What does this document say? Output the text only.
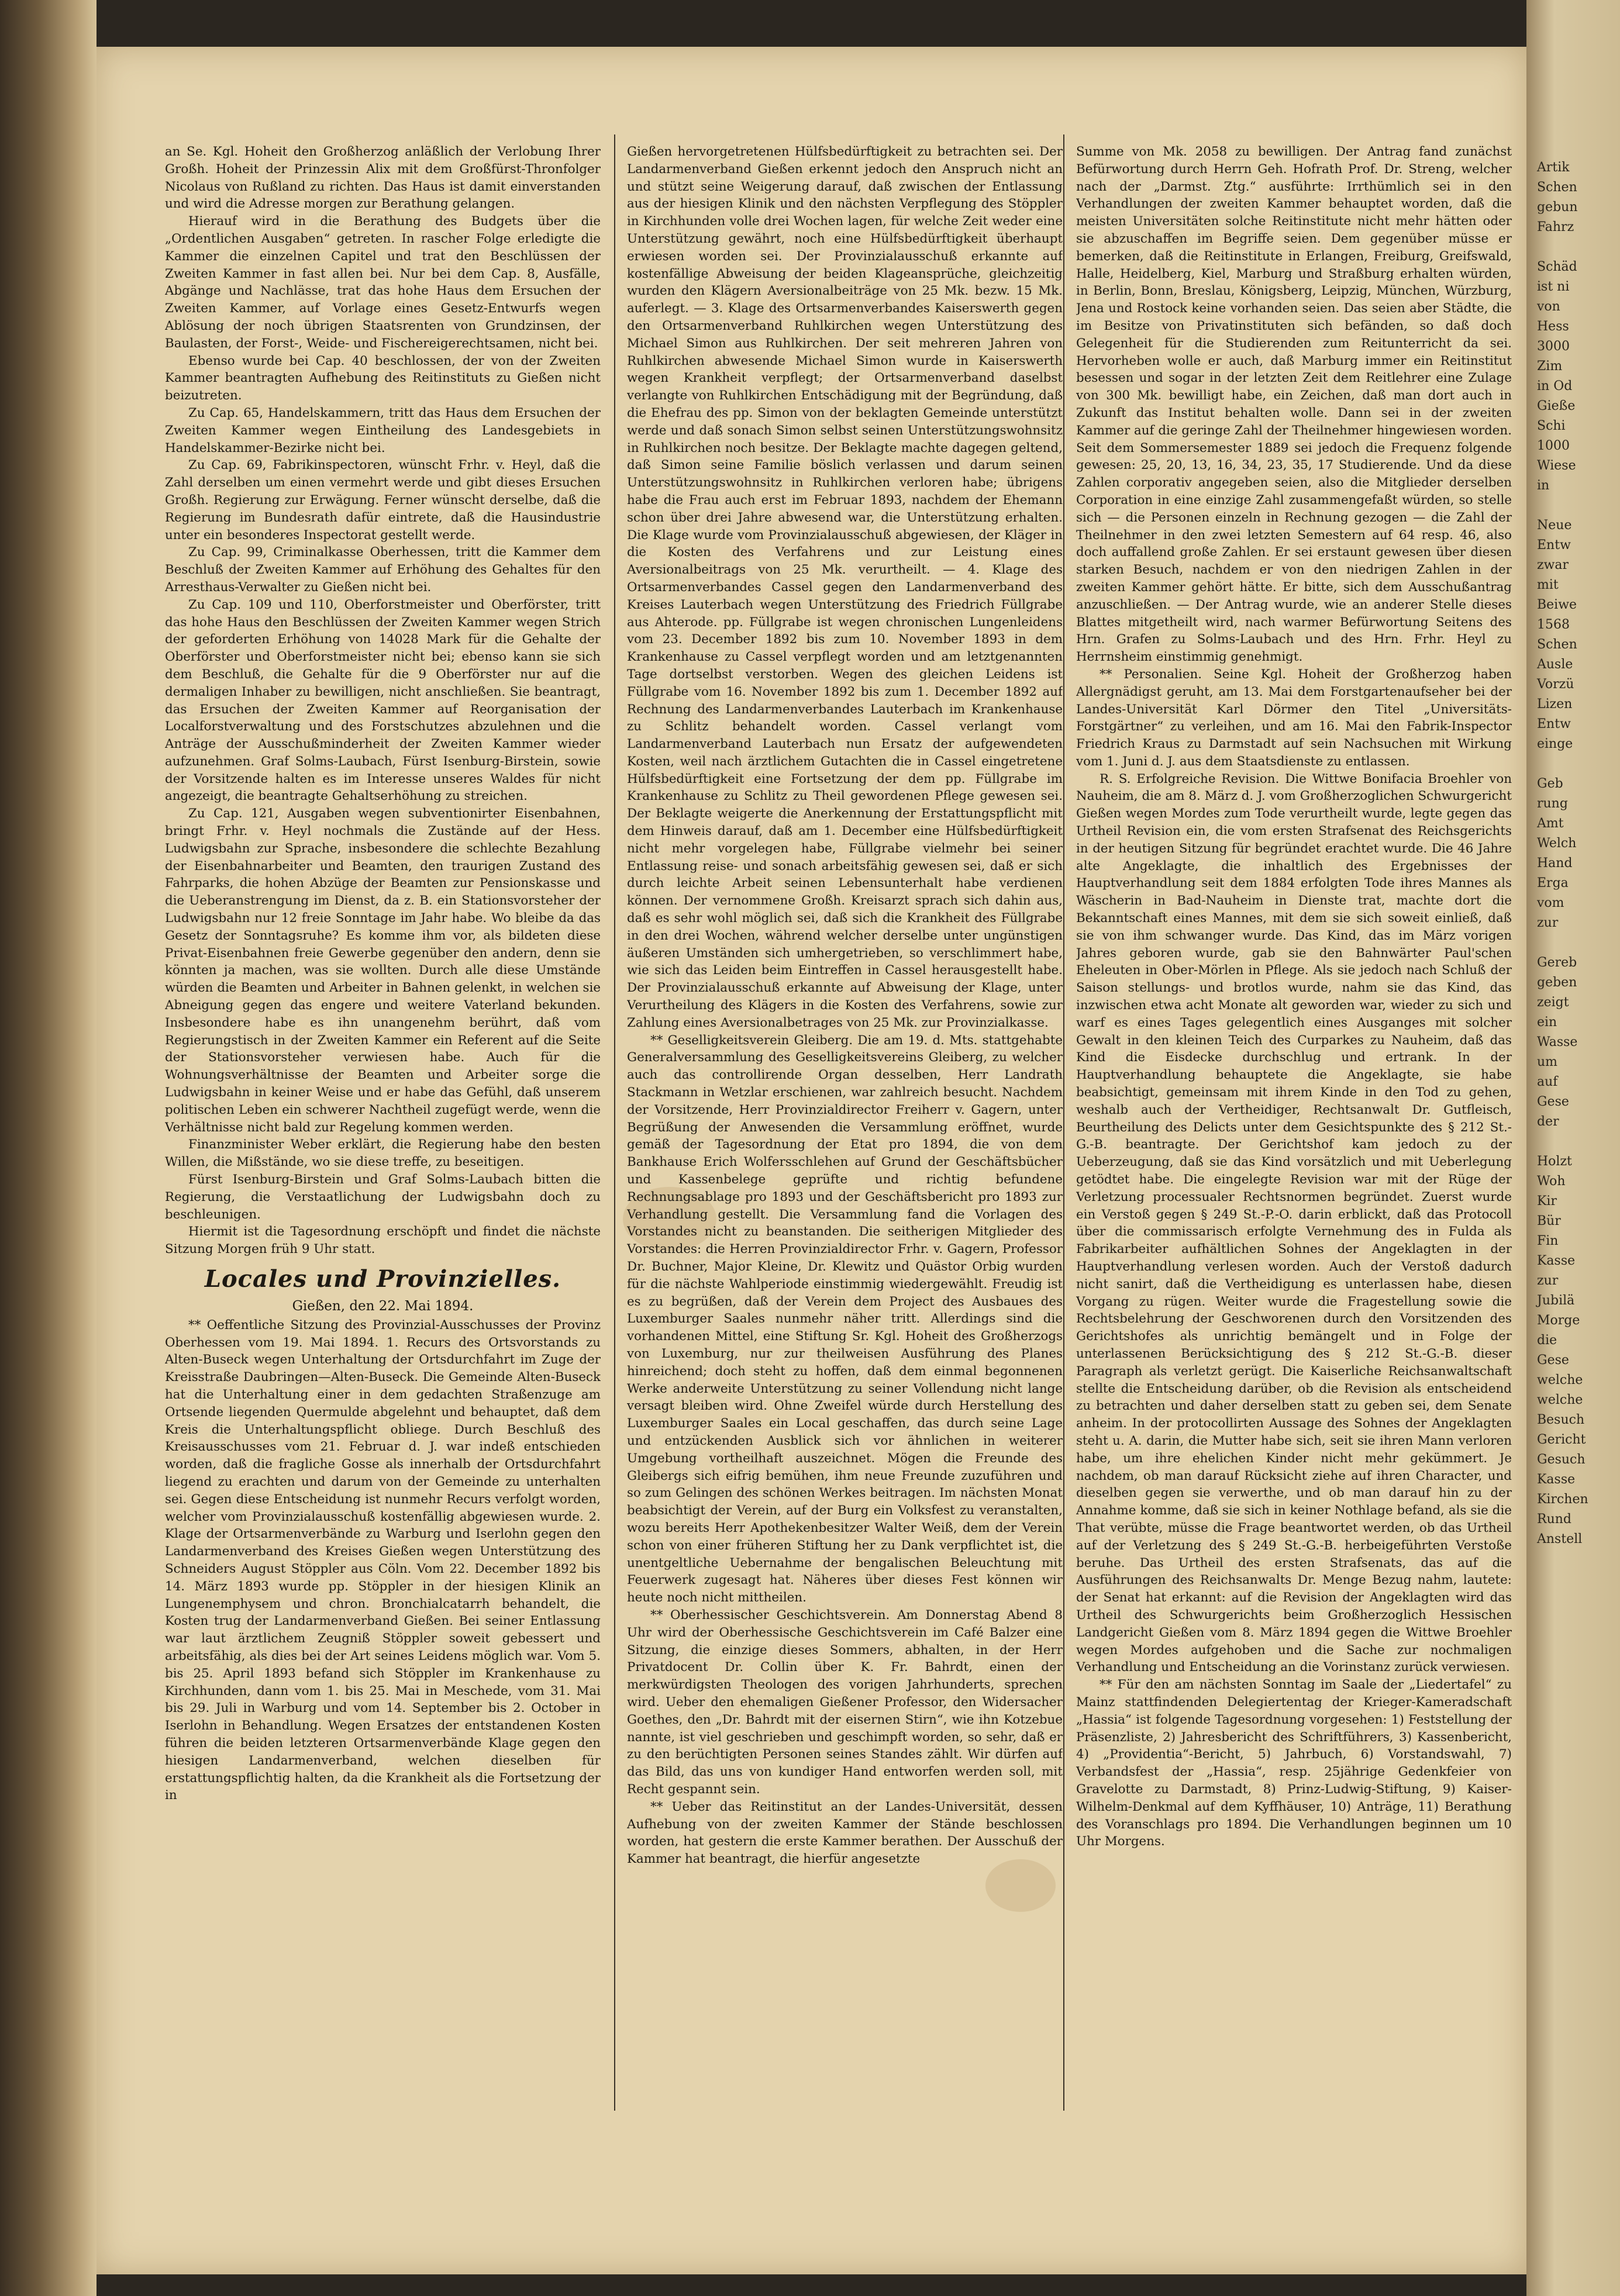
an Se. Kgl. Hoheit den Großherzog anläßlich der Verlobung Ihrer Großh. Hoheit der Prinzessin Alix mit dem Großfürst-Thronfolger Nicolaus von Rußland zu richten. Das Haus ist damit einverstanden und wird die Adresse morgen zur Berathung gelangen.

Hierauf wird in die Berathung des Budgets über die „Ordentlichen Ausgaben“ getreten. In rascher Folge erledigte die Kammer die einzelnen Capitel und trat den Beschlüssen der Zweiten Kammer in fast allen bei. Nur bei dem Cap. 8, Ausfälle, Abgänge und Nachlässe, trat das hohe Haus dem Ersuchen der Zweiten Kammer, auf Vorlage eines Gesetz-Entwurfs wegen Ablösung der noch übrigen Staatsrenten von Grundzinsen, der Baulasten, der Forst-, Weide- und Fischereigerechtsamen, nicht bei.

Ebenso wurde bei Cap. 40 beschlossen, der von der Zweiten Kammer beantragten Aufhebung des Reitinstituts zu Gießen nicht beizutreten.

Zu Cap. 65, Handelskammern, tritt das Haus dem Ersuchen der Zweiten Kammer wegen Eintheilung des Landesgebiets in Handelskammer-Bezirke nicht bei.

Zu Cap. 69, Fabrikinspectoren, wünscht Frhr. v. Heyl, daß die Zahl derselben um einen vermehrt werde und gibt dieses Ersuchen Großh. Regierung zur Erwägung. Ferner wünscht derselbe, daß die Regierung im Bundesrath dafür eintrete, daß die Hausindustrie unter ein besonderes Inspectorat gestellt werde.

Zu Cap. 99, Criminalkasse Oberhessen, tritt die Kammer dem Beschluß der Zweiten Kammer auf Erhöhung des Gehaltes für den Arresthaus-Verwalter zu Gießen nicht bei.

Zu Cap. 109 und 110, Oberforstmeister und Oberförster, tritt das hohe Haus den Beschlüssen der Zweiten Kammer wegen Strich der geforderten Erhöhung von 14028 Mark für die Gehalte der Oberförster und Oberforstmeister nicht bei; ebenso kann sie sich dem Beschluß, die Gehalte für die 9 Oberförster nur auf die dermaligen Inhaber zu bewilligen, nicht anschließen. Sie beantragt, das Ersuchen der Zweiten Kammer auf Reorganisation der Localforstverwaltung und des Forstschutzes abzulehnen und die Anträge der Ausschußminderheit der Zweiten Kammer wieder aufzunehmen. Graf Solms-Laubach, Fürst Isenburg-Birstein, sowie der Vorsitzende halten es im Interesse unseres Waldes für nicht angezeigt, die beantragte Gehaltserhöhung zu streichen.

Zu Cap. 121, Ausgaben wegen subventionirter Eisenbahnen, bringt Frhr. v. Heyl nochmals die Zustände auf der Hess. Ludwigsbahn zur Sprache, insbesondere die schlechte Bezahlung der Eisenbahnarbeiter und Beamten, den traurigen Zustand des Fahrparks, die hohen Abzüge der Beamten zur Pensionskasse und die Ueberanstrengung im Dienst, da z. B. ein Stationsvorsteher der Ludwigsbahn nur 12 freie Sonntage im Jahr habe. Wo bleibe da das Gesetz der Sonntagsruhe? Es komme ihm vor, als bildeten diese Privat-Eisenbahnen freie Gewerbe gegenüber den andern, denn sie könnten ja machen, was sie wollten. Durch alle diese Umstände würden die Beamten und Arbeiter in Bahnen gelenkt, in welchen sie Abneigung gegen das engere und weitere Vaterland bekunden. Insbesondere habe es ihn unangenehm berührt, daß vom Regierungstisch in der Zweiten Kammer ein Referent auf die Seite der Stationsvorsteher verwiesen habe. Auch für die Wohnungsverhältnisse der Beamten und Arbeiter sorge die Ludwigsbahn in keiner Weise und er habe das Gefühl, daß unserem politischen Leben ein schwerer Nachtheil zugefügt werde, wenn die Verhältnisse nicht bald zur Regelung kommen werden.

Finanzminister Weber erklärt, die Regierung habe den besten Willen, die Mißstände, wo sie diese treffe, zu beseitigen.

Fürst Isenburg-Birstein und Graf Solms-Laubach bitten die Regierung, die Verstaatlichung der Ludwigsbahn doch zu beschleunigen.

Hiermit ist die Tagesordnung erschöpft und findet die nächste Sitzung Morgen früh 9 Uhr statt.

Locales und Provinzielles.
Gießen, den 22. Mai 1894.

** Oeffentliche Sitzung des Provinzial-Ausschusses der Provinz Oberhessen vom 19. Mai 1894. 1. Recurs des Ortsvorstands zu Alten-Buseck wegen Unterhaltung der Ortsdurchfahrt im Zuge der Kreisstraße Daubringen—Alten-Buseck. Die Gemeinde Alten-Buseck hat die Unterhaltung einer in dem gedachten Straßenzuge am Ortsende liegenden Quermulde abgelehnt und behauptet, daß dem Kreis die Unterhaltungspflicht obliege. Durch Beschluß des Kreisausschusses vom 21. Februar d. J. war indeß entschieden worden, daß die fragliche Gosse als innerhalb der Ortsdurchfahrt liegend zu erachten und darum von der Gemeinde zu unterhalten sei. Gegen diese Entscheidung ist nunmehr Recurs verfolgt worden, welcher vom Provinzialausschuß kostenfällig abgewiesen wurde. 2. Klage der Ortsarmenverbände zu Warburg und Iserlohn gegen den Landarmenverband des Kreises Gießen wegen Unterstützung des Schneiders August Stöppler aus Cöln. Vom 22. December 1892 bis 14. März 1893 wurde pp. Stöppler in der hiesigen Klinik an Lungenemphysem und chron. Bronchialcatarrh behandelt, die Kosten trug der Landarmenverband Gießen. Bei seiner Entlassung war laut ärztlichem Zeugniß Stöppler soweit gebessert und arbeitsfähig, als dies bei der Art seines Leidens möglich war. Vom 5. bis 25. April 1893 befand sich Stöppler im Krankenhause zu Kirchhunden, dann vom 1. bis 25. Mai in Meschede, vom 31. Mai bis 29. Juli in Warburg und vom 14. September bis 2. October in Iserlohn in Behandlung. Wegen Ersatzes der entstandenen Kosten führen die beiden letzteren Ortsarmenverbände Klage gegen den hiesigen Landarmenverband, welchen dieselben für erstattungspflichtig halten, da die Krankheit als die Fortsetzung der in

Gießen hervorgetretenen Hülfsbedürftigkeit zu betrachten sei. Der Landarmenverband Gießen erkennt jedoch den Anspruch nicht an und stützt seine Weigerung darauf, daß zwischen der Entlassung aus der hiesigen Klinik und den nächsten Verpflegung des Stöppler in Kirchhunden volle drei Wochen lagen, für welche Zeit weder eine Unterstützung gewährt, noch eine Hülfsbedürftigkeit überhaupt erwiesen worden sei. Der Provinzialausschuß erkannte auf kostenfällige Abweisung der beiden Klageansprüche, gleichzeitig wurden den Klägern Aversionalbeiträge von 25 Mk. bezw. 15 Mk. auferlegt. — 3. Klage des Ortsarmenverbandes Kaiserswerth gegen den Ortsarmenverband Ruhlkirchen wegen Unterstützung des Michael Simon aus Ruhlkirchen. Der seit mehreren Jahren von Ruhlkirchen abwesende Michael Simon wurde in Kaiserswerth wegen Krankheit verpflegt; der Ortsarmenverband daselbst verlangte von Ruhlkirchen Entschädigung mit der Begründung, daß die Ehefrau des pp. Simon von der beklagten Gemeinde unterstützt werde und daß sonach Simon selbst seinen Unterstützungswohnsitz in Ruhlkirchen noch besitze. Der Beklagte machte dagegen geltend, daß Simon seine Familie böslich verlassen und darum seinen Unterstützungswohnsitz in Ruhlkirchen verloren habe; übrigens habe die Frau auch erst im Februar 1893, nachdem der Ehemann schon über drei Jahre abwesend war, die Unterstützung erhalten. Die Klage wurde vom Provinzialausschuß abgewiesen, der Kläger in die Kosten des Verfahrens und zur Leistung eines Aversionalbeitrags von 25 Mk. verurtheilt. — 4. Klage des Ortsarmenverbandes Cassel gegen den Landarmenverband des Kreises Lauterbach wegen Unterstützung des Friedrich Füllgrabe aus Ahterode. pp. Füllgrabe ist wegen chronischen Lungenleidens vom 23. December 1892 bis zum 10. November 1893 in dem Krankenhause zu Cassel verpflegt worden und am letztgenannten Tage dortselbst verstorben. Wegen des gleichen Leidens ist Füllgrabe vom 16. November 1892 bis zum 1. December 1892 auf Rechnung des Landarmenverbandes Lauterbach im Krankenhause zu Schlitz behandelt worden. Cassel verlangt vom Landarmenverband Lauterbach nun Ersatz der aufgewendeten Kosten, weil nach ärztlichem Gutachten die in Cassel eingetretene Hülfsbedürftigkeit eine Fortsetzung der dem pp. Füllgrabe im Krankenhause zu Schlitz zu Theil gewordenen Pflege gewesen sei. Der Beklagte weigerte die Anerkennung der Erstattungspflicht mit dem Hinweis darauf, daß am 1. December eine Hülfsbedürftigkeit nicht mehr vorgelegen habe, Füllgrabe vielmehr bei seiner Entlassung reise- und sonach arbeitsfähig gewesen sei, daß er sich durch leichte Arbeit seinen Lebensunterhalt habe verdienen können. Der vernommene Großh. Kreisarzt sprach sich dahin aus, daß es sehr wohl möglich sei, daß sich die Krankheit des Füllgrabe in den drei Wochen, während welcher derselbe unter ungünstigen äußeren Umständen sich umhergetrieben, so verschlimmert habe, wie sich das Leiden beim Eintreffen in Cassel herausgestellt habe. Der Provinzialausschuß erkannte auf Abweisung der Klage, unter Verurtheilung des Klägers in die Kosten des Verfahrens, sowie zur Zahlung eines Aversionalbetrages von 25 Mk. zur Provinzialkasse.

** Geselligkeitsverein Gleiberg. Die am 19. d. Mts. stattgehabte Generalversammlung des Geselligkeitsvereins Gleiberg, zu welcher auch das controllirende Organ desselben, Herr Landrath Stackmann in Wetzlar erschienen, war zahlreich besucht. Nachdem der Vorsitzende, Herr Provinzialdirector Freiherr v. Gagern, unter Begrüßung der Anwesenden die Versammlung eröffnet, wurde gemäß der Tagesordnung der Etat pro 1894, die von dem Bankhause Erich Wolfersschlehen auf Grund der Geschäftsbücher und Kassenbelege geprüfte und richtig befundene Rechnungsablage pro 1893 und der Geschäftsbericht pro 1893 zur Verhandlung gestellt. Die Versammlung fand die Vorlagen des Vorstandes nicht zu beanstanden. Die seitherigen Mitglieder des Vorstandes: die Herren Provinzialdirector Frhr. v. Gagern, Professor Dr. Buchner, Major Kleine, Dr. Klewitz und Quästor Orbig wurden für die nächste Wahlperiode einstimmig wiedergewählt. Freudig ist es zu begrüßen, daß der Verein dem Project des Ausbaues des Luxemburger Saales nunmehr näher tritt. Allerdings sind die vorhandenen Mittel, eine Stiftung Sr. Kgl. Hoheit des Großherzogs von Luxemburg, nur zur theilweisen Ausführung des Planes hinreichend; doch steht zu hoffen, daß dem einmal begonnenen Werke anderweite Unterstützung zu seiner Vollendung nicht lange versagt bleiben wird. Ohne Zweifel würde durch Herstellung des Luxemburger Saales ein Local geschaffen, das durch seine Lage und entzückenden Ausblick sich vor ähnlichen in weiterer Umgebung vortheilhaft auszeichnet. Mögen die Freunde des Gleibergs sich eifrig bemühen, ihm neue Freunde zuzuführen und so zum Gelingen des schönen Werkes beitragen. Im nächsten Monat beabsichtigt der Verein, auf der Burg ein Volksfest zu veranstalten, wozu bereits Herr Apothekenbesitzer Walter Weiß, dem der Verein schon von einer früheren Stiftung her zu Dank verpflichtet ist, die unentgeltliche Uebernahme der bengalischen Beleuchtung mit Feuerwerk zugesagt hat. Näheres über dieses Fest können wir heute noch nicht mittheilen.

** Oberhessischer Geschichtsverein. Am Donnerstag Abend 8 Uhr wird der Oberhessische Geschichtsverein im Café Balzer eine Sitzung, die einzige dieses Sommers, abhalten, in der Herr Privatdocent Dr. Collin über K. Fr. Bahrdt, einen der merkwürdigsten Theologen des vorigen Jahrhunderts, sprechen wird. Ueber den ehemaligen Gießener Professor, den Widersacher Goethes, den „Dr. Bahrdt mit der eisernen Stirn“, wie ihn Kotzebue nannte, ist viel geschrieben und geschimpft worden, so sehr, daß er zu den berüchtigten Personen seines Standes zählt. Wir dürfen auf das Bild, das uns von kundiger Hand entworfen werden soll, mit Recht gespannt sein.

** Ueber das Reitinstitut an der Landes-Universität, dessen Aufhebung von der zweiten Kammer der Stände beschlossen worden, hat gestern die erste Kammer berathen. Der Ausschuß der Kammer hat beantragt, die hierfür angesetzte

Summe von Mk. 2058 zu bewilligen. Der Antrag fand zunächst Befürwortung durch Herrn Geh. Hofrath Prof. Dr. Streng, welcher nach der „Darmst. Ztg.“ ausführte: Irrthümlich sei in den Verhandlungen der zweiten Kammer behauptet worden, daß die meisten Universitäten solche Reitinstitute nicht mehr hätten oder sie abzuschaffen im Begriffe seien. Dem gegenüber müsse er bemerken, daß die Reitinstitute in Erlangen, Freiburg, Greifswald, Halle, Heidelberg, Kiel, Marburg und Straßburg erhalten würden, in Berlin, Bonn, Breslau, Königsberg, Leipzig, München, Würzburg, Jena und Rostock keine vorhanden seien. Das seien aber Städte, die im Besitze von Privatinstituten sich befänden, so daß doch Gelegenheit für die Studierenden zum Reitunterricht da sei. Hervorheben wolle er auch, daß Marburg immer ein Reitinstitut besessen und sogar in der letzten Zeit dem Reitlehrer eine Zulage von 300 Mk. bewilligt habe, ein Zeichen, daß man dort auch in Zukunft das Institut behalten wolle. Dann sei in der zweiten Kammer auf die geringe Zahl der Theilnehmer hingewiesen worden. Seit dem Sommersemester 1889 sei jedoch die Frequenz folgende gewesen: 25, 20, 13, 16, 34, 23, 35, 17 Studierende. Und da diese Zahlen corporativ angegeben seien, also die Mitglieder derselben Corporation in eine einzige Zahl zusammengefaßt würden, so stelle sich — die Personen einzeln in Rechnung gezogen — die Zahl der Theilnehmer in den zwei letzten Semestern auf 64 resp. 46, also doch auffallend große Zahlen. Er sei erstaunt gewesen über diesen starken Besuch, nachdem er von den niedrigen Zahlen in der zweiten Kammer gehört hätte. Er bitte, sich dem Ausschußantrag anzuschließen. — Der Antrag wurde, wie an anderer Stelle dieses Blattes mitgetheilt wird, nach warmer Befürwortung Seitens des Hrn. Grafen zu Solms-Laubach und des Hrn. Frhr. Heyl zu Herrnsheim einstimmig genehmigt.

** Personalien. Seine Kgl. Hoheit der Großherzog haben Allergnädigst geruht, am 13. Mai dem Forstgartenaufseher bei der Landes-Universität Karl Dörmer den Titel „Universitäts-Forstgärtner“ zu verleihen, und am 16. Mai den Fabrik-Inspector Friedrich Kraus zu Darmstadt auf sein Nachsuchen mit Wirkung vom 1. Juni d. J. aus dem Staatsdienste zu entlassen.

R. S. Erfolgreiche Revision. Die Wittwe Bonifacia Broehler von Nauheim, die am 8. März d. J. vom Großherzoglichen Schwurgericht Gießen wegen Mordes zum Tode verurtheilt wurde, legte gegen das Urtheil Revision ein, die vom ersten Strafsenat des Reichsgerichts in der heutigen Sitzung für begründet erachtet wurde. Die 46 Jahre alte Angeklagte, die inhaltlich des Ergebnisses der Hauptverhandlung seit dem 1884 erfolgten Tode ihres Mannes als Wäscherin in Bad-Nauheim in Dienste trat, machte dort die Bekanntschaft eines Mannes, mit dem sie sich soweit einließ, daß sie von ihm schwanger wurde. Das Kind, das im März vorigen Jahres geboren wurde, gab sie den Bahnwärter Paul'schen Eheleuten in Ober-Mörlen in Pflege. Als sie jedoch nach Schluß der Saison stellungs- und brotlos wurde, nahm sie das Kind, das inzwischen etwa acht Monate alt geworden war, wieder zu sich und warf es eines Tages gelegentlich eines Ausganges mit solcher Gewalt in den kleinen Teich des Curparkes zu Nauheim, daß das Kind die Eisdecke durchschlug und ertrank. In der Hauptverhandlung behauptete die Angeklagte, sie habe beabsichtigt, gemeinsam mit ihrem Kinde in den Tod zu gehen, weshalb auch der Vertheidiger, Rechtsanwalt Dr. Gutfleisch, Beurtheilung des Delicts unter dem Gesichtspunkte des § 212 St.-G.-B. beantragte. Der Gerichtshof kam jedoch zu der Ueberzeugung, daß sie das Kind vorsätzlich und mit Ueberlegung getödtet habe. Die eingelegte Revision war mit der Rüge der Verletzung processualer Rechtsnormen begründet. Zuerst wurde ein Verstoß gegen § 249 St.-P.-O. darin erblickt, daß das Protocoll über die commissarisch erfolgte Vernehmung des in Fulda als Fabrikarbeiter aufhältlichen Sohnes der Angeklagten in der Hauptverhandlung verlesen worden. Auch der Verstoß dadurch nicht sanirt, daß die Vertheidigung es unterlassen habe, diesen Vorgang zu rügen. Weiter wurde die Fragestellung sowie die Rechtsbelehrung der Geschworenen durch den Vorsitzenden des Gerichtshofes als unrichtig bemängelt und in Folge der unterlassenen Berücksichtigung des § 212 St.-G.-B. dieser Paragraph als verletzt gerügt. Die Kaiserliche Reichsanwaltschaft stellte die Entscheidung darüber, ob die Revision als entscheidend zu betrachten und daher derselben statt zu geben sei, dem Senate anheim. In der protocollirten Aussage des Sohnes der Angeklagten steht u. A. darin, die Mutter habe sich, seit sie ihren Mann verloren habe, um ihre ehelichen Kinder nicht mehr gekümmert. Je nachdem, ob man darauf Rücksicht ziehe auf ihren Character, und dieselben gegen sie verwerthe, und ob man darauf hin zu der Annahme komme, daß sie sich in keiner Nothlage befand, als sie die That verübte, müsse die Frage beantwortet werden, ob das Urtheil auf der Verletzung des § 249 St.-G.-B. herbeigeführten Verstoße beruhe. Das Urtheil des ersten Strafsenats, das auf die Ausführungen des Reichsanwalts Dr. Menge Bezug nahm, lautete: der Senat hat erkannt: auf die Revision der Angeklagten wird das Urtheil des Schwurgerichts beim Großherzoglich Hessischen Landgericht Gießen vom 8. März 1894 gegen die Wittwe Broehler wegen Mordes aufgehoben und die Sache zur nochmaligen Verhandlung und Entscheidung an die Vorinstanz zurück verwiesen.

** Für den am nächsten Sonntag im Saale der „Liedertafel“ zu Mainz stattfindenden Delegiertentag der Krieger-Kameradschaft „Hassia“ ist folgende Tagesordnung vorgesehen: 1) Feststellung der Präsenzliste, 2) Jahresbericht des Schriftführers, 3) Kassenbericht, 4) „Providentia“-Bericht, 5) Jahrbuch, 6) Vorstandswahl, 7) Verbandsfest der „Hassia“, resp. 25jährige Gedenkfeier von Gravelotte zu Darmstadt, 8) Prinz-Ludwig-Stiftung, 9) Kaiser-Wilhelm-Denkmal auf dem Kyffhäuser, 10) Anträge, 11) Berathung des Voranschlags pro 1894. Die Verhandlungen beginnen um 10 Uhr Morgens.

Artik
Schen
gebun
Fahrz

Schäd
ist ni
von
Hess
3000
Zim
in Od
Gieße
Schi
1000
Wiese
in

Neue
Entw
zwar
mit
Beiwe
1568
Schen
Ausle
Vorzü
Lizen
Entw
einge

Geb
rung
Amt
Welch
Hand
Erga
vom
zur

Gereb
geben
zeigt
ein
Wasse
um
auf
Gese
der

Holzt
Woh
Kir
Bür
Fin
Kasse
zur
Jubilä
Morge
die
Gese
welche
welche
Besuch
Gericht
Gesuch
Kasse
Kirchen
Rund
Anstell
